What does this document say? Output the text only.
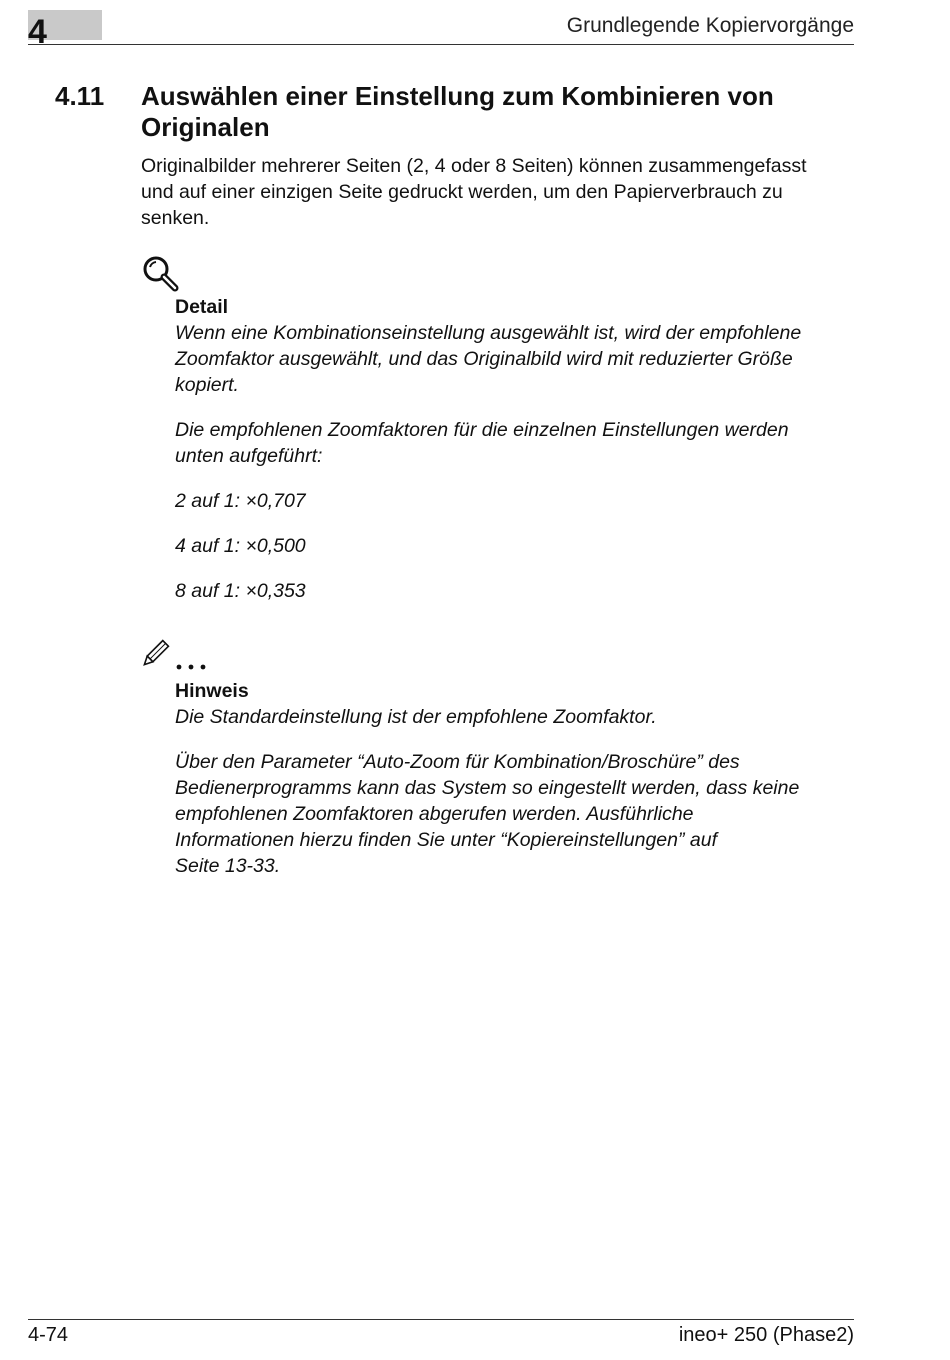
4	Grundlegende Kopiervorgänge
4.11 Auswählen einer Einstellung zum Kombinieren von Originalen
Originalbilder mehrerer Seiten (2, 4 oder 8 Seiten) können zusammengefasst
und auf einer einzigen Seite gedruckt werden, um den Papierverbrauch zu
senken.
Detail

Wenn eine Kombinationseinstellung ausgewählt ist, wird der empfohlene
Zoomfaktor ausgewählt, und das Originalbild wird mit reduzierter Größe
kopiert.

Die empfohlenen Zoomfaktoren für die einzelnen Einstellungen werden
unten aufgeführt:

2 auf 1: ×0,707

4 auf 1: ×0,500

8 auf 1: ×0,353

Hinweis

Die Standardeinstellung ist der empfohlene Zoomfaktor.

Über den Parameter “Auto-Zoom für Kombination/Broschüre” des
Bedienerprogramms kann das System so eingestellt werden, dass keine
empfohlenen Zoomfaktoren abgerufen werden. Ausführliche
Informationen hierzu finden Sie unter “Kopiereinstellungen” auf
Seite 13-33.

4-74	ineo+ 250 (Phase2)
